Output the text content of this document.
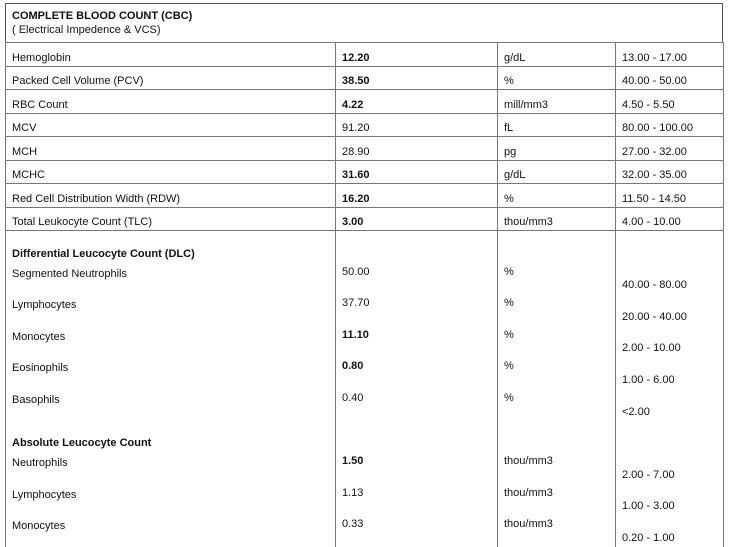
COMPLETE BLOOD COUNT (CBC)
( Electrical Impedence & VCS)
Hemoglobin	12.20	g/dL	13.00 - 17.00
Packed Cell Volume (PCV)	38.50	%	40.00 - 50.00
RBC Count	4.22	mill/mm3	4.50 - 5.50
MCV	91.20	fL	80.00 - 100.00
MCH	28.90	pg	27.00 - 32.00
MCHC	31.60	g/dL	32.00 - 35.00
Red Cell Distribution Width (RDW)	16.20	%	11.50 - 14.50
Total Leukocyte Count (TLC)	3.00	thou/mm3	4.00 - 10.00
Differential Leucocyte Count (DLC)			
Segmented Neutrophils	50.00	%	40.00 - 80.00
Lymphocytes	37.70	%	20.00 - 40.00
Monocytes	11.10	%	2.00 - 10.00
Eosinophils	0.80	%	1.00 - 6.00
Basophils	0.40	%	<2.00
Absolute Leucocyte Count			
Neutrophils	1.50	thou/mm3	2.00 - 7.00
Lymphocytes	1.13	thou/mm3	1.00 - 3.00
Monocytes	0.33	thou/mm3	0.20 - 1.00
